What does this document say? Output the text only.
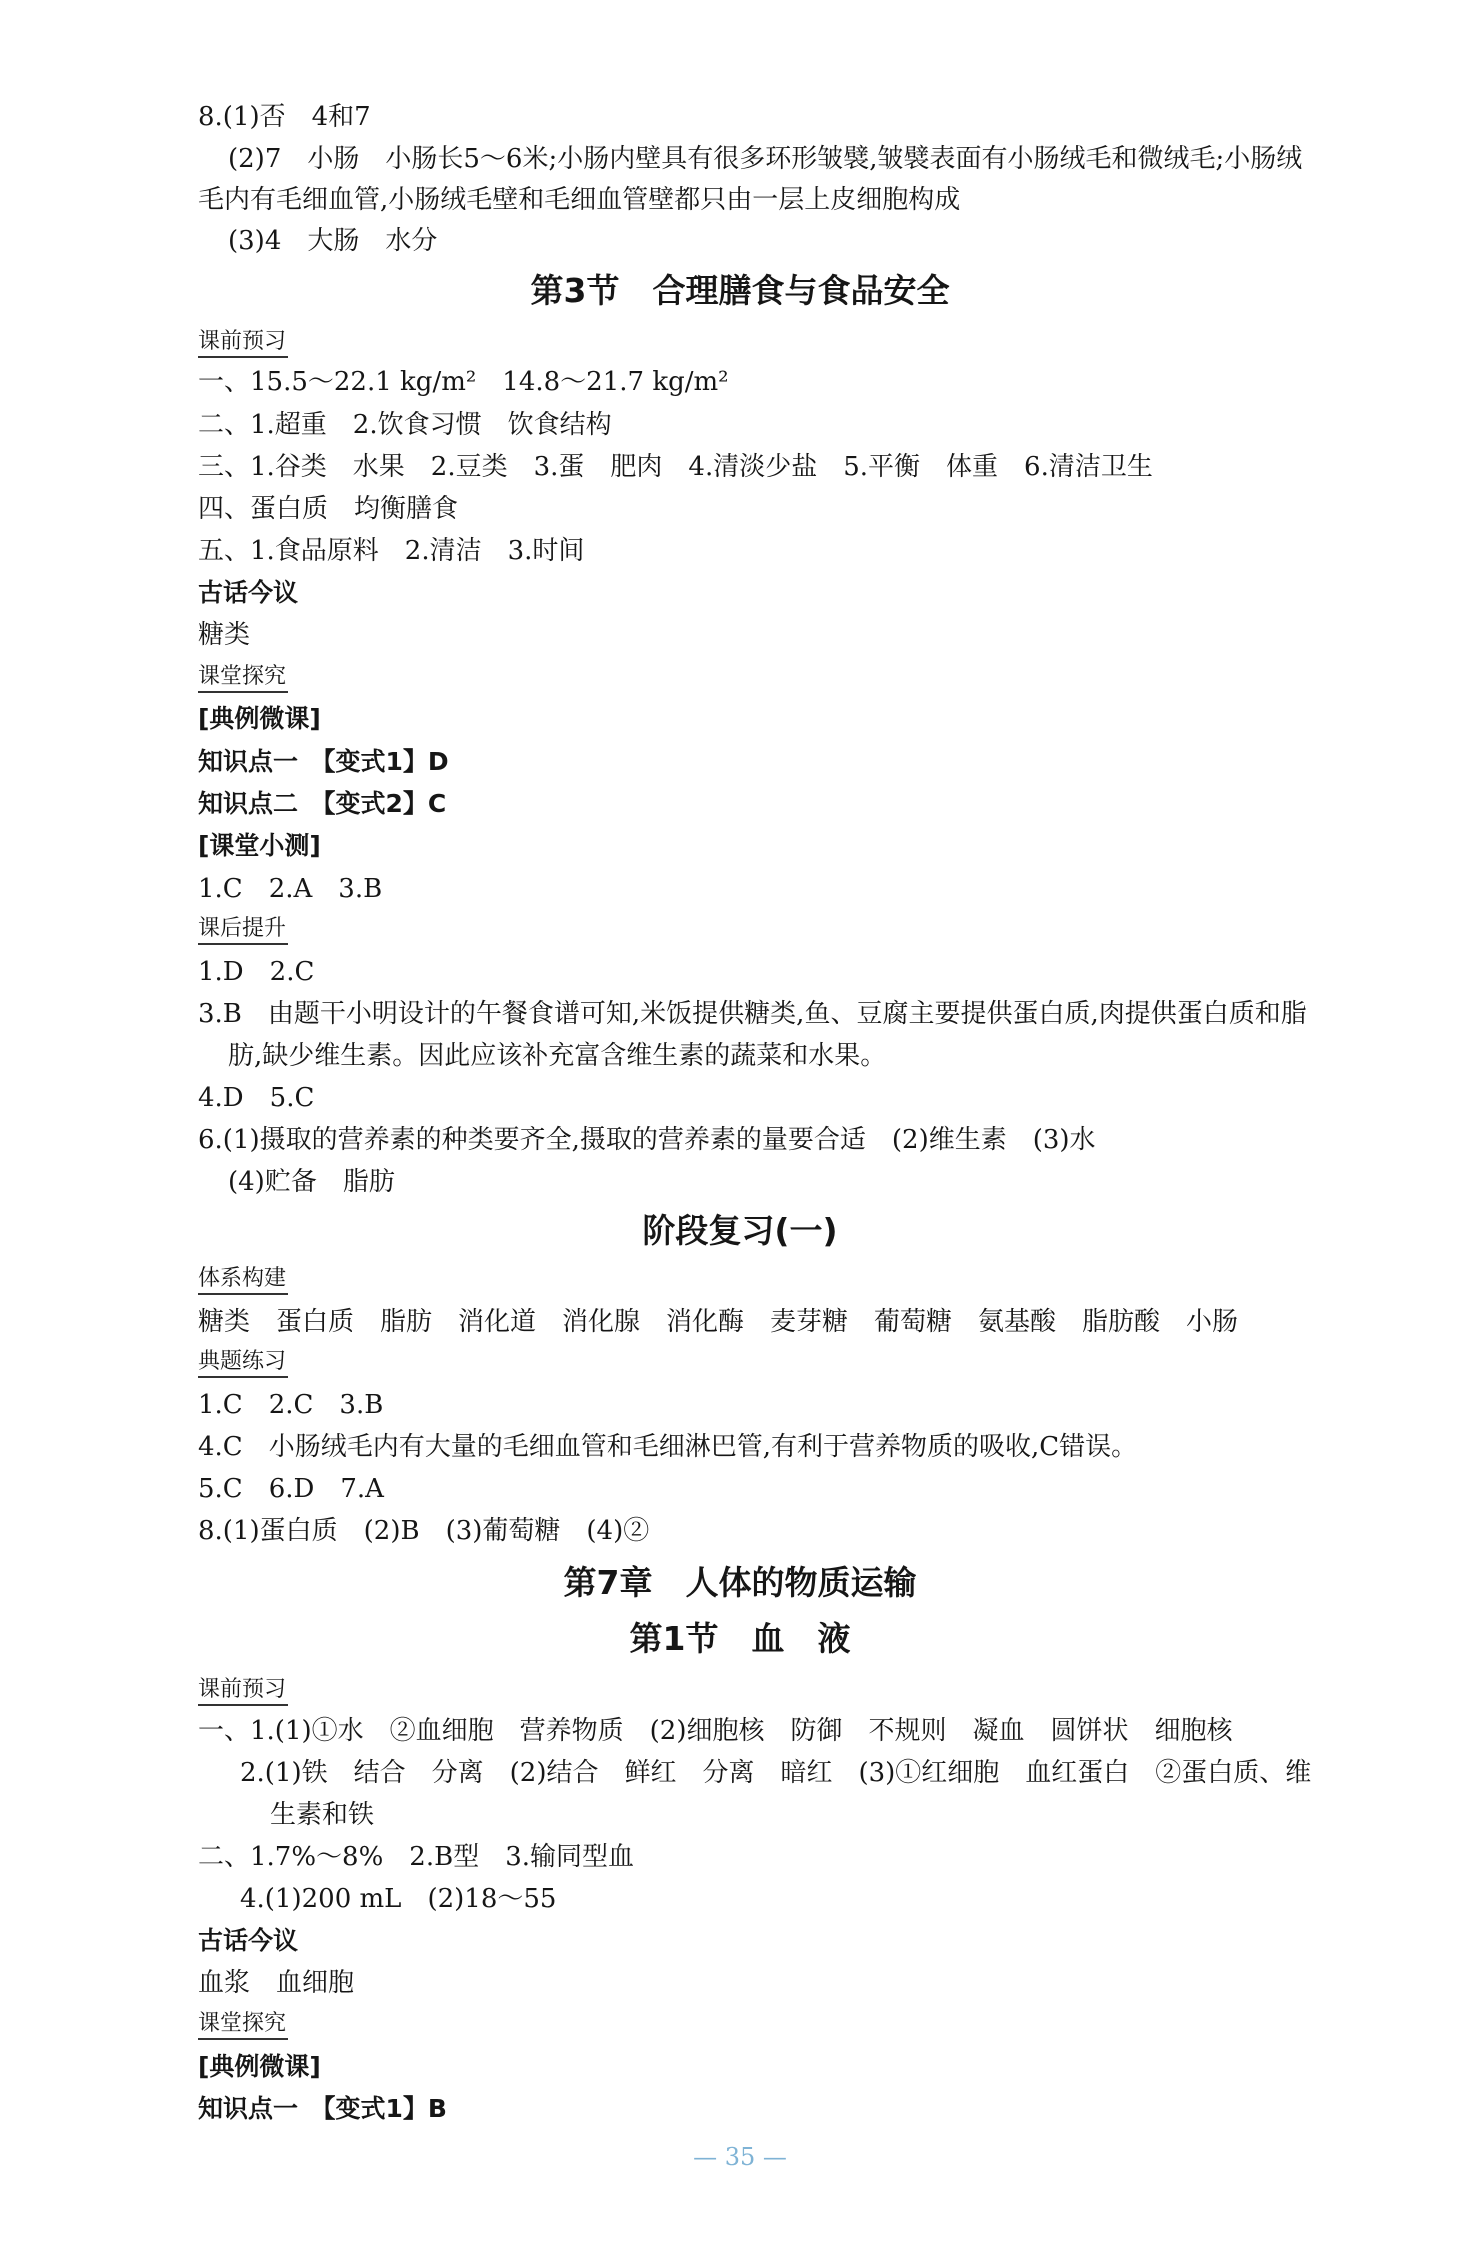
8.(1)否　4和7
(2)7　小肠　小肠长5～6米;小肠内壁具有很多环形皱襞,皱襞表面有小肠绒毛和微绒毛;小肠绒
毛内有毛细血管,小肠绒毛壁和毛细血管壁都只由一层上皮细胞构成
(3)4　大肠　水分
第3节　合理膳食与食品安全
课前预习
一、15.5～22.1 kg/m²　14.8～21.7 kg/m²
二、1.超重　2.饮食习惯　饮食结构
三、1.谷类　水果　2.豆类　3.蛋　肥肉　4.清淡少盐　5.平衡　体重　6.清洁卫生
四、蛋白质　均衡膳食
五、1.食品原料　2.清洁　3.时间
古话今议
糖类
课堂探究
[典例微课]
知识点一　【变式1】D
知识点二　【变式2】C
[课堂小测]
1.C　2.A　3.B
课后提升
1.D　2.C
3.B　由题干小明设计的午餐食谱可知,米饭提供糖类,鱼、豆腐主要提供蛋白质,肉提供蛋白质和脂
肪,缺少维生素。因此应该补充富含维生素的蔬菜和水果。
4.D　5.C
6.(1)摄取的营养素的种类要齐全,摄取的营养素的量要合适　(2)维生素　(3)水
(4)贮备　脂肪
阶段复习(一)
体系构建
糖类　蛋白质　脂肪　消化道　消化腺　消化酶　麦芽糖　葡萄糖　氨基酸　脂肪酸　小肠
典题练习
1.C　2.C　3.B
4.C　小肠绒毛内有大量的毛细血管和毛细淋巴管,有利于营养物质的吸收,C错误。
5.C　6.D　7.A
8.(1)蛋白质　(2)B　(3)葡萄糖　(4)②
第7章　人体的物质运输
第1节　血　液
课前预习
一、1.(1)①水　②血细胞　营养物质　(2)细胞核　防御　不规则　凝血　圆饼状　细胞核
2.(1)铁　结合　分离　(2)结合　鲜红　分离　暗红　(3)①红细胞　血红蛋白　②蛋白质、维
生素和铁
二、1.7%～8%　2.B型　3.输同型血
4.(1)200 mL　(2)18～55
古话今议
血浆　血细胞
课堂探究
[典例微课]
知识点一　【变式1】B
— 35 —
